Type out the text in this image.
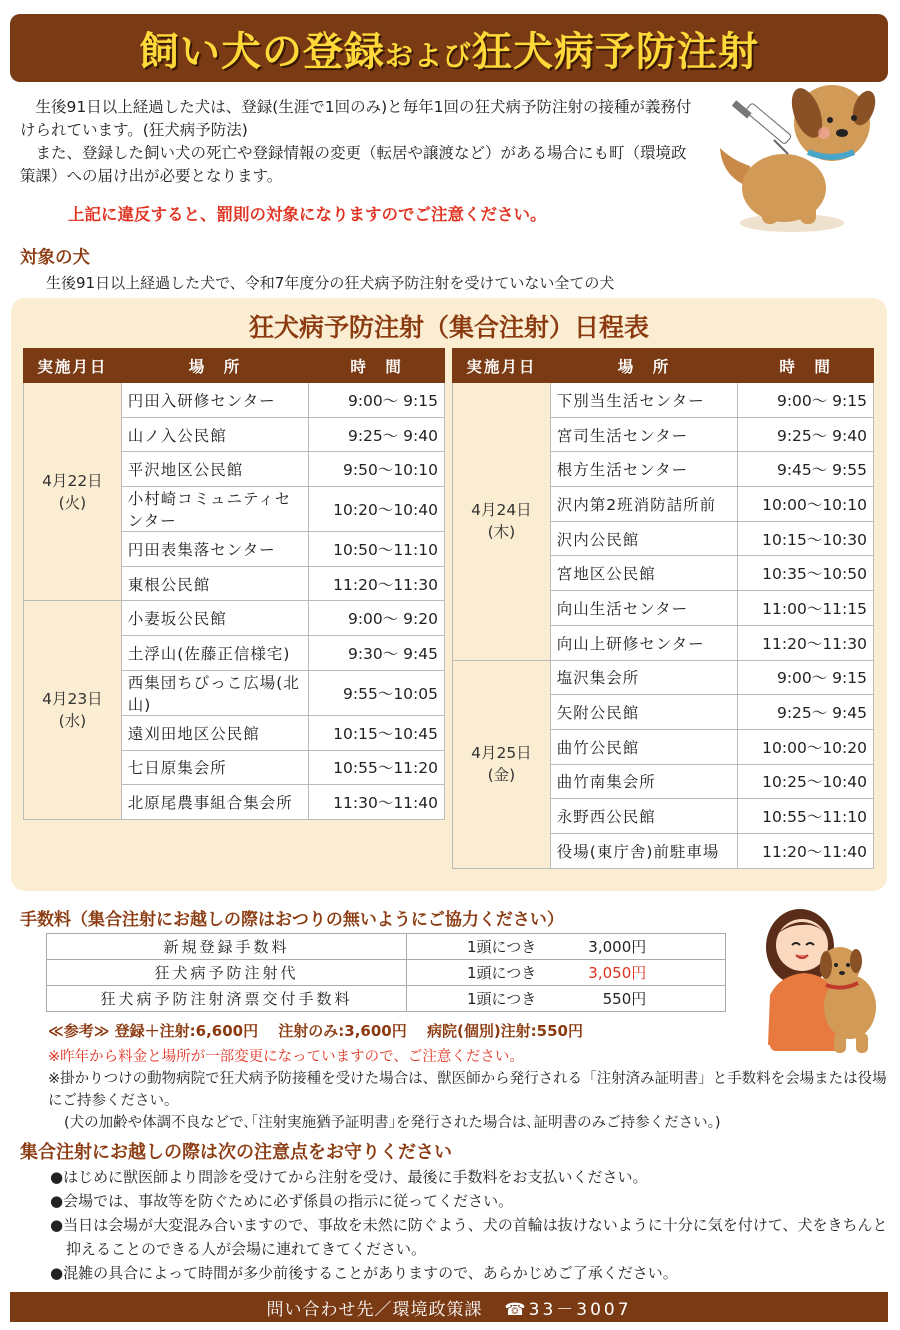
飼い犬の登録および狂犬病予防注射

生後91日以上経過した犬は、登録(生涯で1回のみ)と毎年1回の狂犬病予防注射の接種が義務付けられています。(狂犬病予防法)

また、登録した飼い犬の死亡や登録情報の変更（転居や譲渡など）がある場合にも町（環境政策課）への届け出が必要となります。

上記に違反すると、罰則の対象になりますのでご注意ください。
対象の犬
生後91日以上経過した犬で、令和7年度分の狂犬病予防注射を受けていない全ての犬
狂犬病予防注射（集合注射）日程表
実施月日	場　所	時　間

4月22日
(火)	円田入研修センター	9:00～ 9:15
	山ノ入公民館	9:25～ 9:40
	平沢地区公民館	9:50～10:10
	小村崎コミュニティセンター	10:20～10:40
	円田表集落センター	10:50～11:10
	東根公民館	11:20～11:30

4月23日
(水)	小妻坂公民館	9:00～ 9:20
	土浮山(佐藤正信様宅)	9:30～ 9:45
	西集団ちびっこ広場(北山)	9:55～10:05
	遠刈田地区公民館	10:15～10:45
	七日原集会所	10:55～11:20
	北原尾農事組合集会所	11:30～11:40
実施月日	場　所	時　間

4月24日
(木)	下別当生活センター	9:00～ 9:15
	宮司生活センター	9:25～ 9:40
	根方生活センター	9:45～ 9:55
	沢内第2班消防詰所前	10:00～10:10
	沢内公民館	10:15～10:30
	宮地区公民館	10:35～10:50
	向山生活センター	11:00～11:15
	向山上研修センター	11:20～11:30

4月25日
(金)	塩沢集会所	9:00～ 9:15
	矢附公民館	9:25～ 9:45
	曲竹公民館	10:00～10:20
	曲竹南集会所	10:25～10:40
	永野西公民館	10:55～11:10
	役場(東庁舎)前駐車場	11:20～11:40
手数料（集合注射にお越しの際はおつりの無いようにご協力ください）
新規登録手数料	1頭につき 3,000円
狂犬病予防注射代	1頭につき 3,050円
狂犬病予防注射済票交付手数料	1頭につき 550円
≪参考≫ 登録＋注射:6,600円　 注射のみ:3,600円　 病院(個別)注射:550円
※昨年から料金と場所が一部変更になっていますので、ご注意ください。
※掛かりつけの動物病院で狂犬病予防接種を受けた場合は、獣医師から発行される「注射済み証明書」と手数料を会場または役場にご持参ください。
(犬の加齢や体調不良などで､｢注射実施猶予証明書｣を発行された場合は､証明書のみご持参ください｡)
集合注射にお越しの際は次の注意点をお守りください
●はじめに獣医師より問診を受けてから注射を受け、最後に手数料をお支払いください。
●会場では、事故等を防ぐために必ず係員の指示に従ってください。
●当日は会場が大変混み合いますので、事故を未然に防ぐよう、犬の首輪は抜けないように十分に気を付けて、犬をきちんと抑えることのできる人が会場に連れてきてください。
●混雑の具合によって時間が多少前後することがありますので、あらかじめご了承ください。
問い合わせ先／環境政策課 ☎33－3007
